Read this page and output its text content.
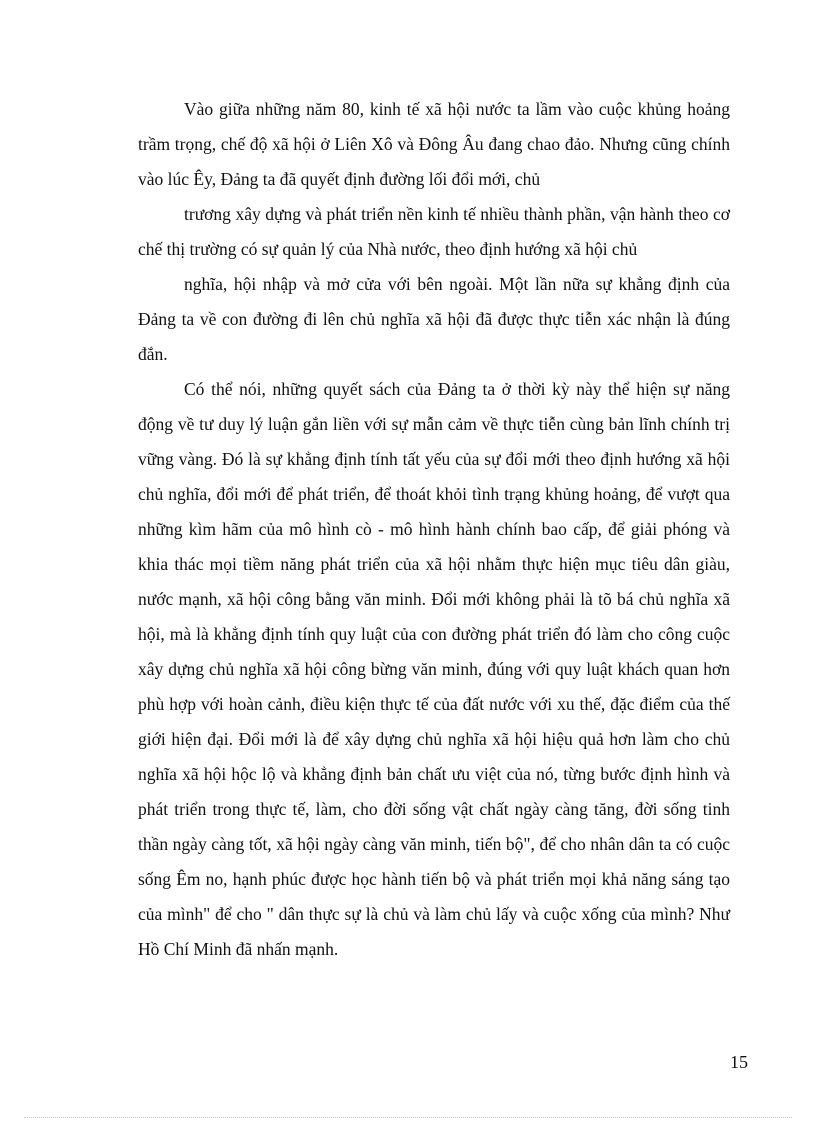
Vào giữa những năm 80, kinh tế xã hội nước ta lầm vào cuộc khủng hoảng trầm trọng, chế độ xã hội ở Liên Xô và Đông Âu đang chao đảo. Nhưng cũng chính vào lúc Êy, Đảng ta đã quyết định đường lối đổi mới, chủ

trương xây dựng và phát triển nền kinh tế nhiều thành phần, vận hành theo cơ chế thị trường có sự quản lý của Nhà nước, theo định hướng xã hội chủ

nghĩa, hội nhập và mở cửa với bên ngoài. Một lần nữa sự khẳng định của Đảng ta về con đường đi lên chủ nghĩa xã hội đã được thực tiễn xác nhận là đúng đắn.

Có thể nói, những quyết sách của Đảng ta ở thời kỳ này thể hiện sự năng động về tư duy lý luận gắn liền với sự mẫn cảm về thực tiễn cùng bản lĩnh chính trị vững vàng. Đó là sự khẳng định tính tất yếu của sự đổi mới theo định hướng xã hội chủ nghĩa, đổi mới để phát triển, để thoát khỏi tình trạng khủng hoảng, để vượt qua những kìm hãm của mô hình cò - mô hình hành chính bao cấp, để giải phóng và khia thác mọi tiềm năng phát triển của xã hội nhằm thực hiện mục tiêu dân giàu, nước mạnh, xã hội công bằng văn minh. Đổi mới không phải là tõ bá chủ nghĩa xã hội, mà là khẳng định tính quy luật của con đường phát triển đó làm cho công cuộc xây dựng chủ nghĩa xã hội công bừng văn minh, đúng với quy luật khách quan hơn phù hợp với hoàn cảnh, điều kiện thực tế của đất nước với xu thế, đặc điểm của thế giới hiện đại. Đổi mới là để xây dựng chủ nghĩa xã hội hiệu quả hơn làm cho chủ nghĩa xã hội hộc lộ và khẳng định bản chất ưu việt của nó, từng bước định hình và phát triển trong thực tế, làm, cho đời sống vật chất ngày càng tăng, đời sống tinh thần ngày càng tốt, xã hội ngày càng văn minh, tiến bộ", để cho nhân dân ta có cuộc sống Êm no, hạnh phúc được học hành tiến bộ và phát triển mọi khả năng sáng tạo của mình" để cho " dân thực sự là chủ và làm chủ lấy và cuộc xống của mình? Như Hồ Chí Minh đã nhấn mạnh.

15
